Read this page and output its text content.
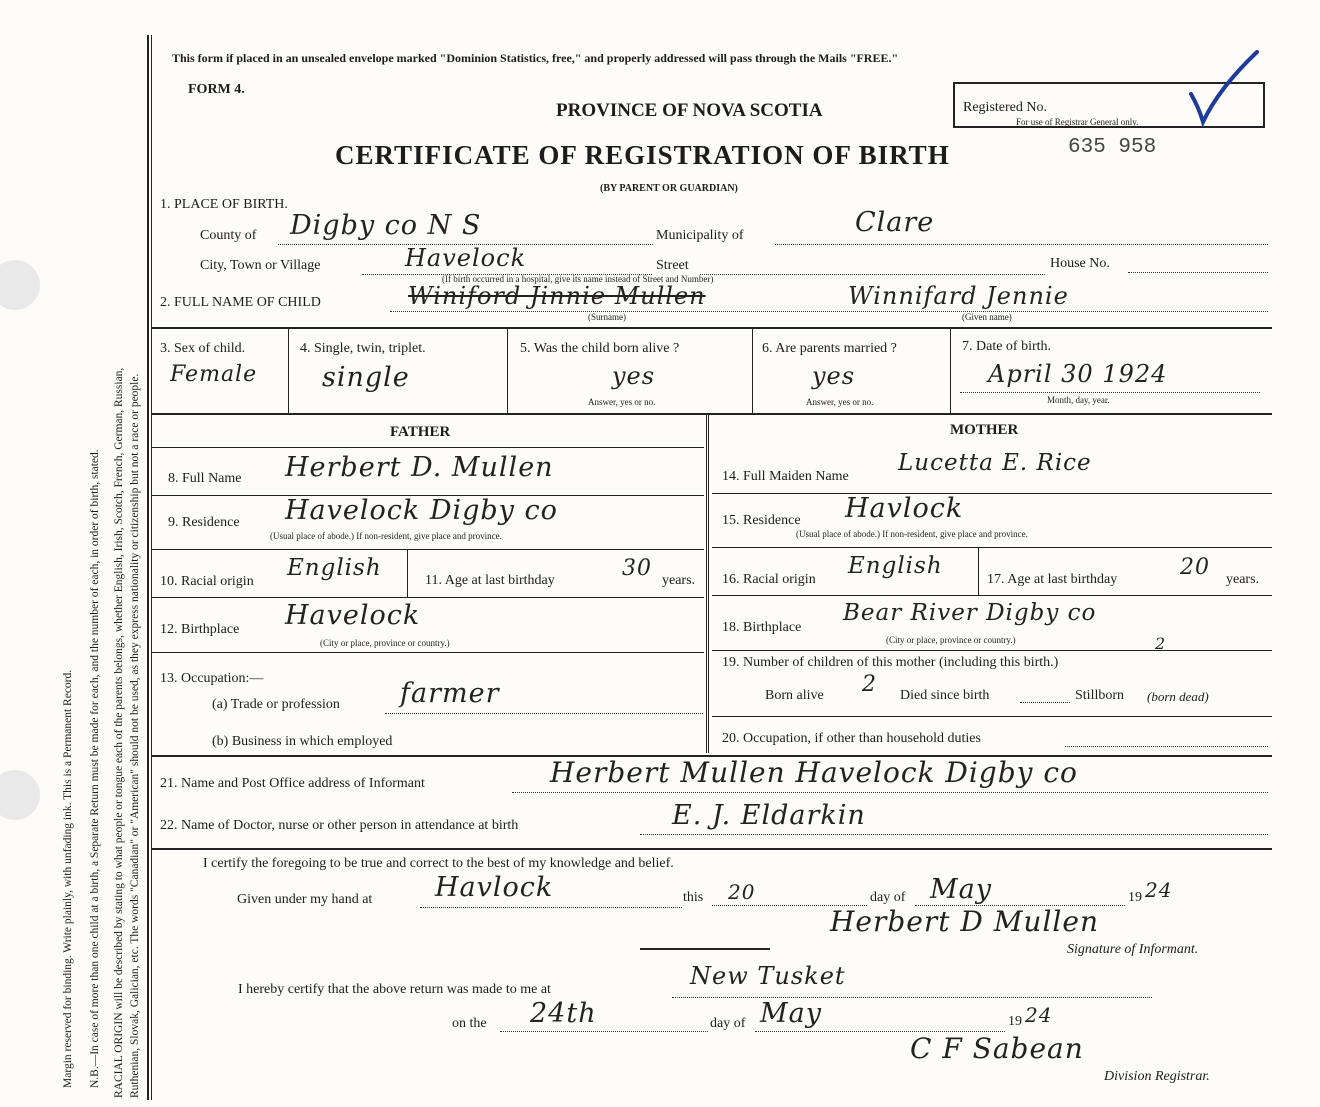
Margin reserved for binding. Write plainly, with unfading ink. This is a Permanent Record. N.B.—In case of more than one child at a birth, a Separate Return must be made for each, and the number of each, in order of birth, stated. RACIAL ORIGIN will be described by stating to what people or tongue each of the parents belongs, whether English, Irish, Scotch, French, German, Russian, Ruthenian, Slovak, Galician, etc. The words "Canadian" or "American" should not be used, as they express nationality or citizenship but not a race or people.
This form if placed in an unsealed envelope marked "Dominion Statistics, free," and properly addressed will pass through the Mails "FREE."
FORM 4.
PROVINCE OF NOVA SCOTIA
CERTIFICATE OF REGISTRATION OF BIRTH
(BY PARENT OR GUARDIAN)
Registered No.
For use of Registrar General only.
635 958
1. PLACE OF BIRTH.
County of Digby co N S	Municipality of	Clare
City, Town or Village	Havelock	Street	House No.
(If birth occurred in a hospital, give its name instead of Street and Number)
2. FULL NAME OF CHILD	Winiford Jinnie Mullen	Winnifard Jennie
(Surname)	(Given name)
3. Sex of child.
Female
4. Single, twin, triplet.
single
5. Was the child born alive ?
yes
Answer, yes or no.
6. Are parents married ?
yes
Answer, yes or no.
7. Date of birth.
April 30 1924
Month, day, year.
FATHER	MOTHER
8. Full Name Herbert D. Mullen
9. Residence Havelock Digby co
(Usual place of abode.) If non-resident, give place and province.
10. Racial origin
English	11. Age at last birthday	30 years.
12. Birthplace Havelock
(City or place, province or country.)
13. Occupation:—
(a) Trade or profession farmer
(b) Business in which employed
14. Full Maiden Name
Lucetta E. Rice
15. Residence Havlock
(Usual place of abode.) If non-resident, give place and province.
16. Racial origin
English
17. Age at last birthday	20 years.
18. Birthplace
Bear River Digby co
(City or place, province or country.)	2
19. Number of children of this mother (including this birth.)
Born alive 2 Died since birth	Stillborn (born dead)
20. Occupation, if other than household duties
21. Name and Post Office address of Informant	Herbert Mullen Havelock Digby co
22. Name of Doctor, nurse or other person in attendance at birth	E. J. Eldarkin
I certify the foregoing to be true and correct to the best of my knowledge and belief.
Given under my hand at Havlock	this 20	day of May	19 24
Herbert D Mullen
Signature of Informant.
I hereby certify that the above return was made to me at	New Tusket
on the 24th	day of May	19 24
C F Sabean
Division Registrar.
